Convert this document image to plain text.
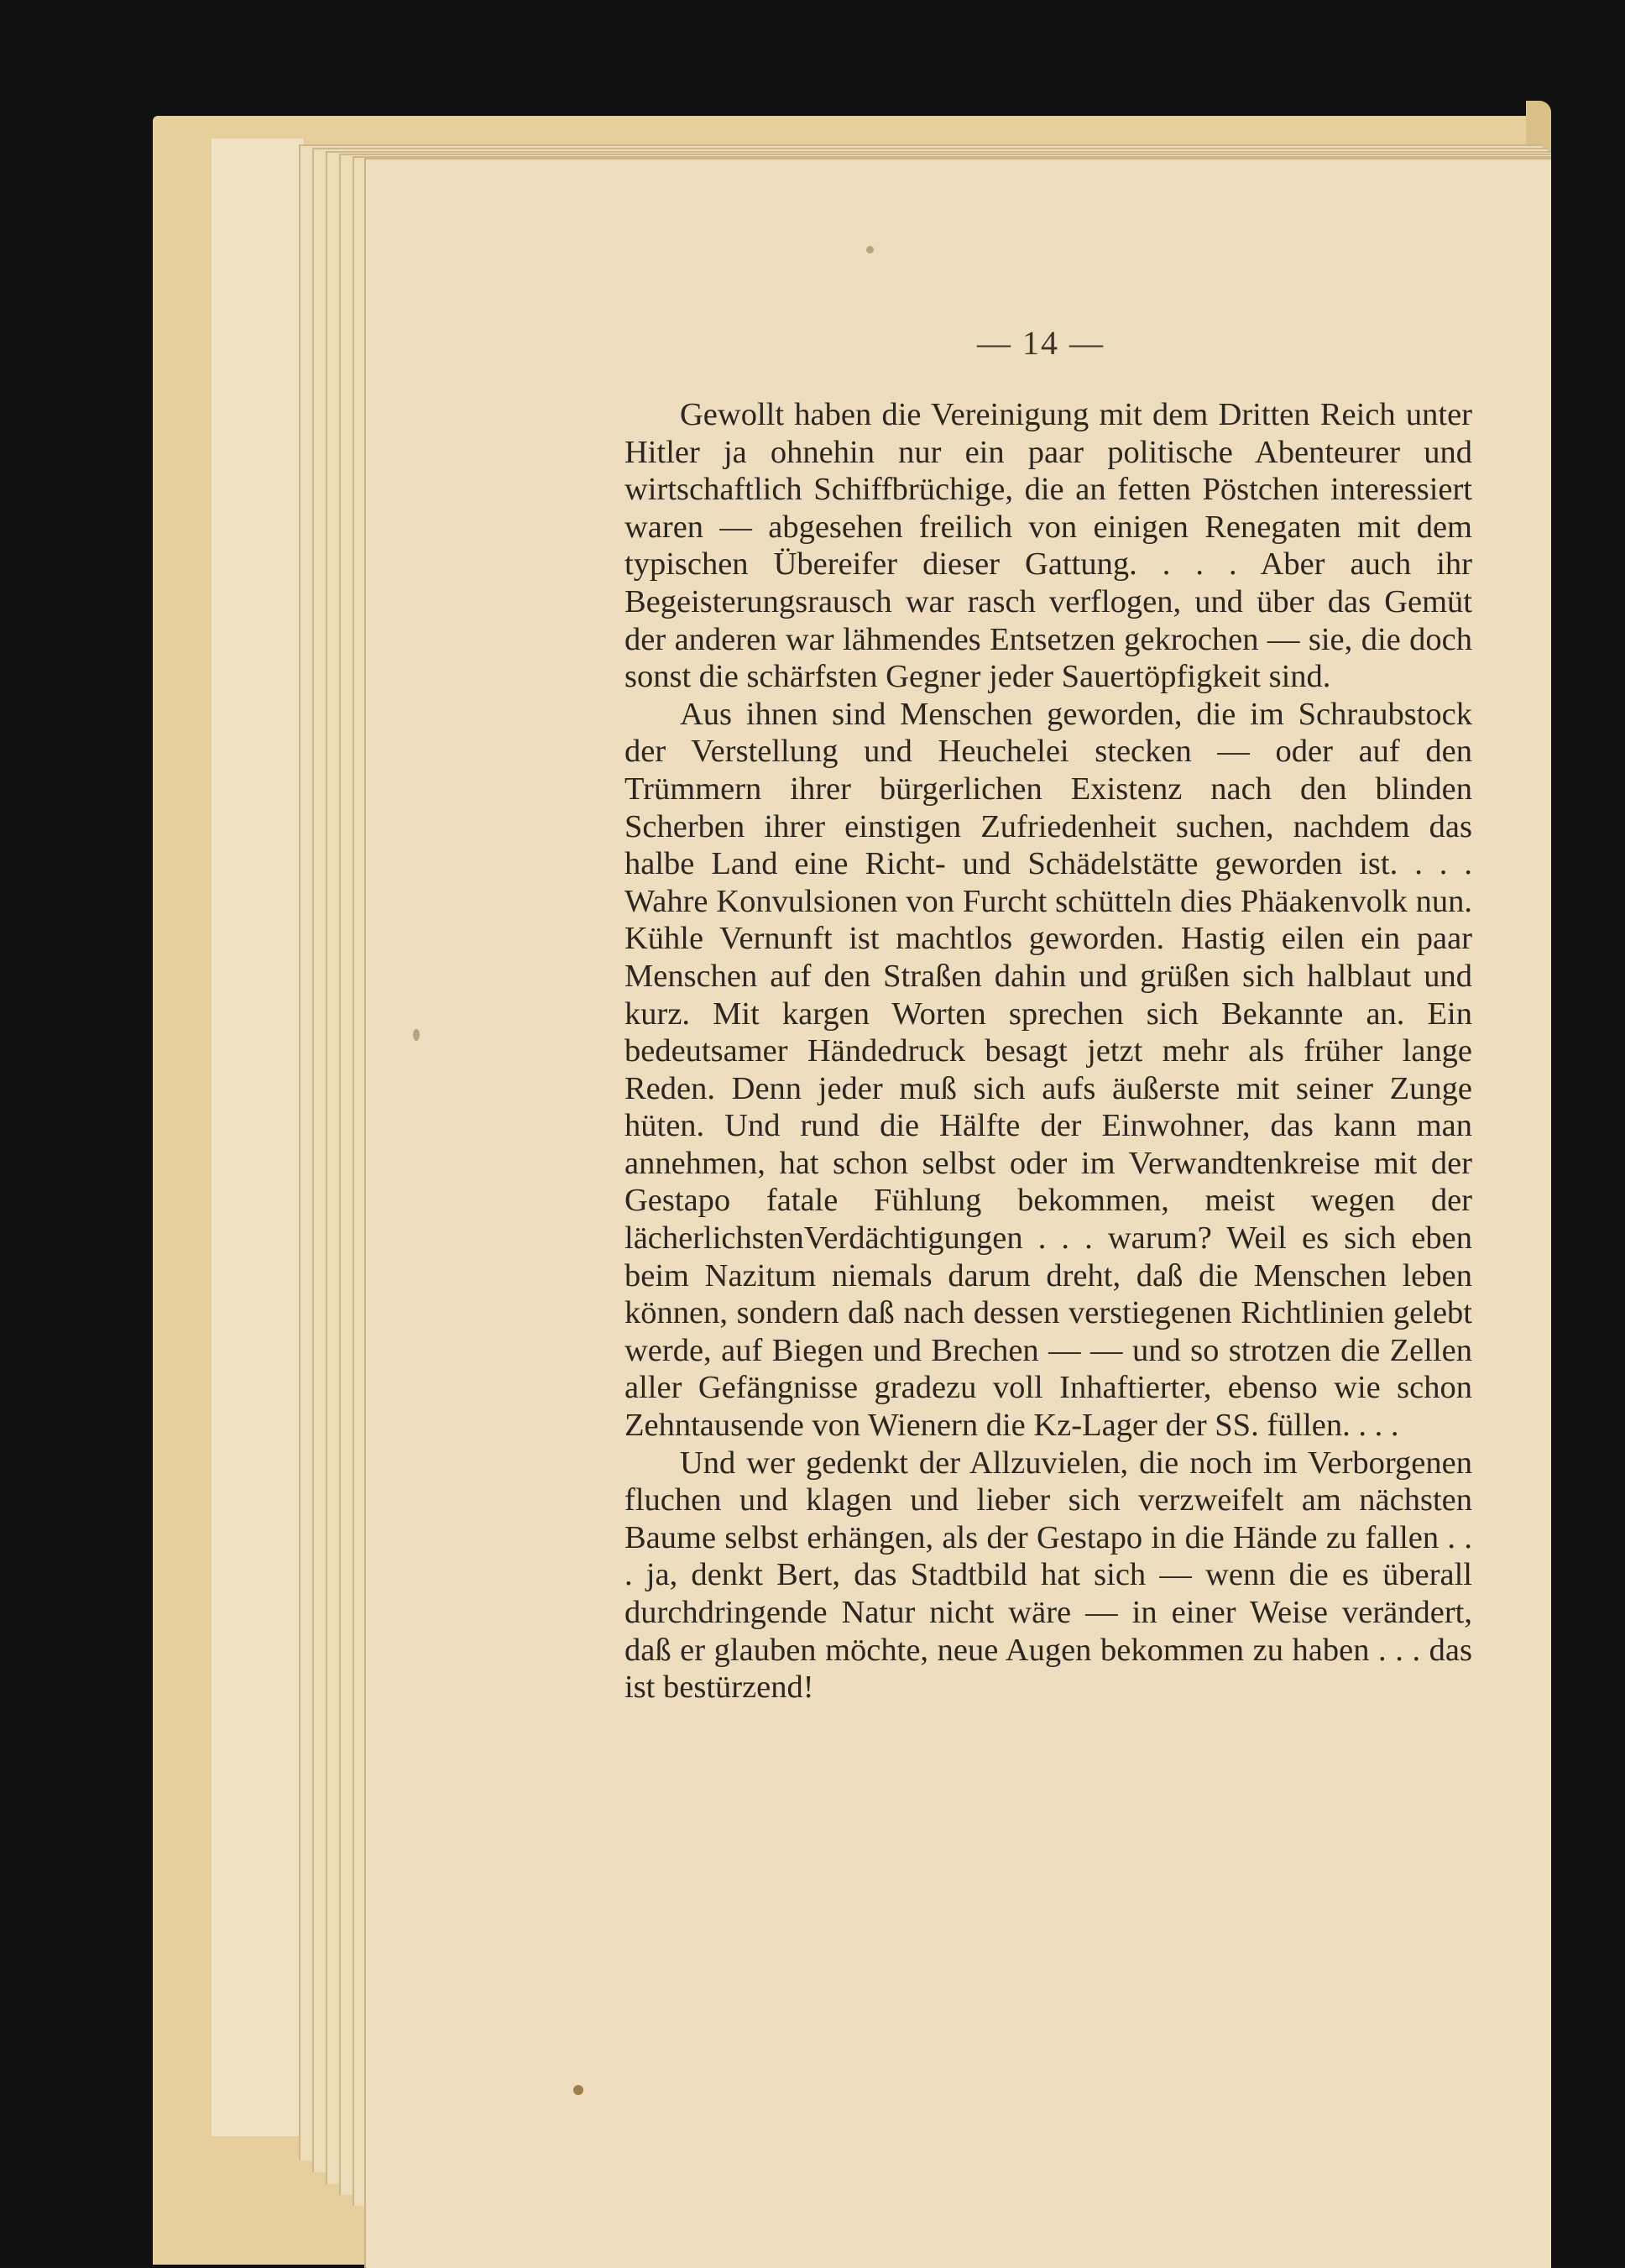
— 14 —

Gewollt haben die Vereinigung mit dem Dritten Reich unter Hitler ja ohnehin nur ein paar politische Abenteurer und wirtschaftlich Schiffbrüchige, die an fetten Pöstchen interessiert waren — abgesehen freilich von einigen Renegaten mit dem typischen Übereifer dieser Gattung. . . . Aber auch ihr Begeisterungsrausch war rasch verflogen, und über das Gemüt der anderen war lähmendes Entsetzen gekrochen — sie, die doch sonst die schärfsten Gegner jeder Sauertöpfigkeit sind.

Aus ihnen sind Menschen geworden, die im Schraubstock der Verstellung und Heuchelei stecken — oder auf den Trümmern ihrer bürgerlichen Existenz nach den blinden Scherben ihrer einstigen Zufriedenheit suchen, nachdem das halbe Land eine Richt- und Schädelstätte geworden ist. . . . Wahre Konvulsionen von Furcht schütteln dies Phäakenvolk nun. Kühle Vernunft ist machtlos geworden. Hastig eilen ein paar Menschen auf den Straßen dahin und grüßen sich halblaut und kurz. Mit kargen Worten sprechen sich Bekannte an. Ein bedeutsamer Händedruck besagt jetzt mehr als früher lange Reden. Denn jeder muß sich aufs äußerste mit seiner Zunge hüten. Und rund die Hälfte der Einwohner, das kann man annehmen, hat schon selbst oder im Verwandtenkreise mit der Gestapo fatale Fühlung bekommen, meist wegen der lächerlichstenVerdächtigungen . . . warum? Weil es sich eben beim Nazitum niemals darum dreht, daß die Menschen leben können, sondern daß nach dessen verstiegenen Richtlinien gelebt werde, auf Biegen und Brechen — — und so strotzen die Zellen aller Gefängnisse gradezu voll Inhaftierter, ebenso wie schon Zehntausende von Wienern die Kz-Lager der SS. füllen. . . .

Und wer gedenkt der Allzuvielen, die noch im Verborgenen fluchen und klagen und lieber sich verzweifelt am nächsten Baume selbst erhängen, als der Gestapo in die Hände zu fallen . . . ja, denkt Bert, das Stadtbild hat sich — wenn die es überall durchdringende Natur nicht wäre — in einer Weise verändert, daß er glauben möchte, neue Augen bekommen zu haben . . . das ist bestürzend!
